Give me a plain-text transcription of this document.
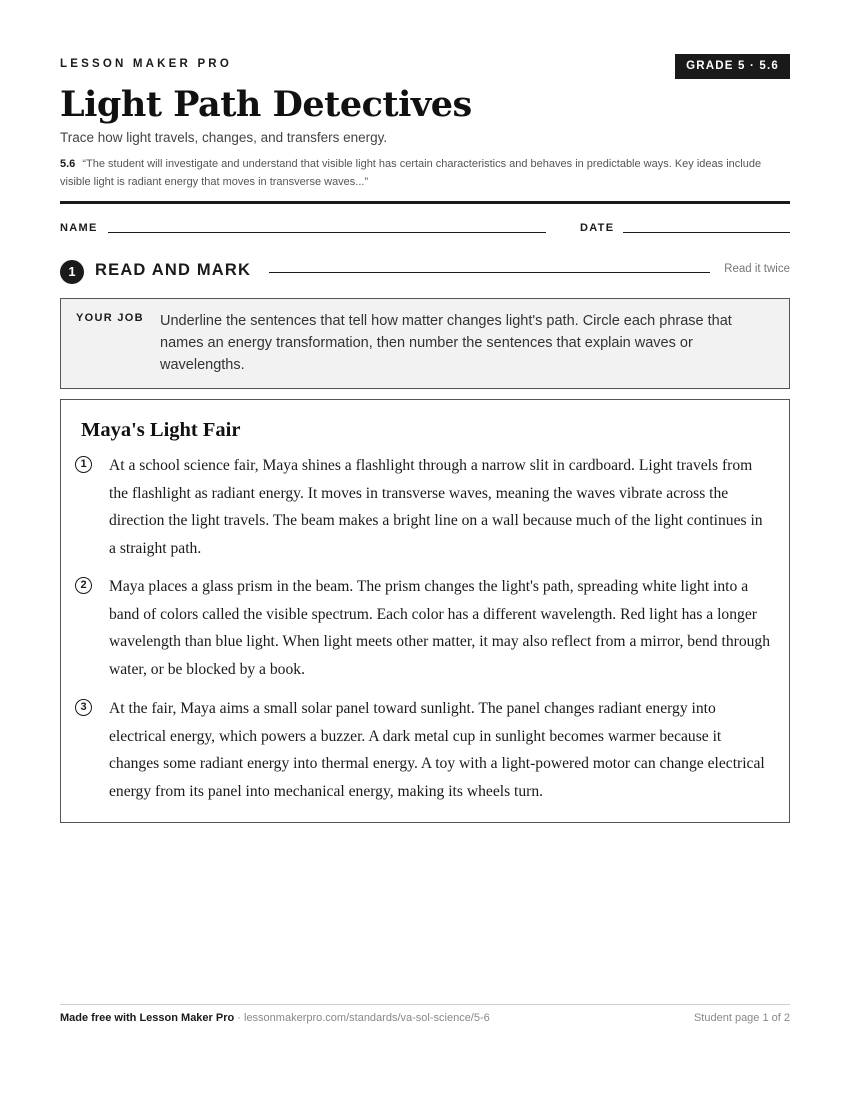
LESSON MAKER PRO	GRADE 5 · 5.6
Light Path Detectives
Trace how light travels, changes, and transfers energy.
5.6 “The student will investigate and understand that visible light has certain characteristics and behaves in predictable ways. Key ideas include visible light is radiant energy that moves in transverse waves...”
NAME	DATE
1	READ AND MARK	Read it twice
YOUR JOB Underline the sentences that tell how matter changes light's path. Circle each phrase that names an energy transformation, then number the sentences that explain waves or wavelengths.
Maya's Light Fair
1	At a school science fair, Maya shines a flashlight through a narrow slit in cardboard. Light travels from the flashlight as radiant energy. It moves in transverse waves, meaning the waves vibrate across the direction the light travels. The beam makes a bright line on a wall because much of the light continues in a straight path.
2	Maya places a glass prism in the beam. The prism changes the light's path, spreading white light into a band of colors called the visible spectrum. Each color has a different wavelength. Red light has a longer wavelength than blue light. When light meets other matter, it may also reflect from a mirror, bend through water, or be blocked by a book.
3	At the fair, Maya aims a small solar panel toward sunlight. The panel changes radiant energy into electrical energy, which powers a buzzer. A dark metal cup in sunlight becomes warmer because it changes some radiant energy into thermal energy. A toy with a light-powered motor can change electrical energy from its panel into mechanical energy, making its wheels turn.
Made free with Lesson Maker Pro · lessonmakerpro.com/standards/va-sol-science/5-6	Student page 1 of 2
